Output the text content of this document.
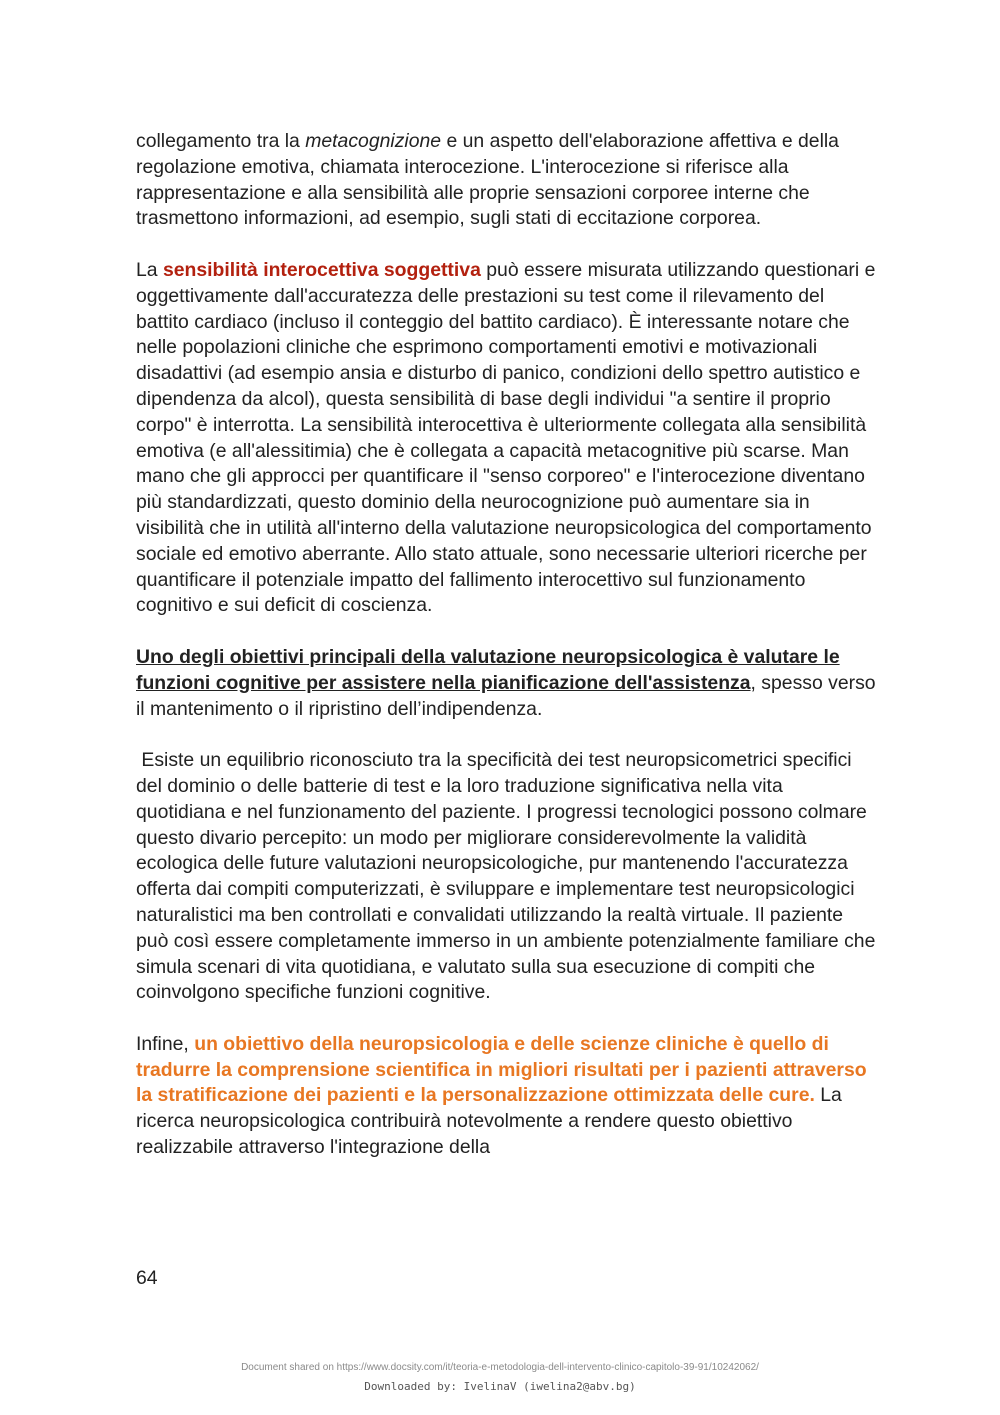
collegamento tra la metacognizione e un aspetto dell'elaborazione affettiva e della regolazione emotiva, chiamata interocezione. L'interocezione si riferisce alla rappresentazione e alla sensibilità alle proprie sensazioni corporee interne che trasmettono informazioni, ad esempio, sugli stati di eccitazione corporea.

La sensibilità interocettiva soggettiva può essere misurata utilizzando questionari e oggettivamente dall'accuratezza delle prestazioni su test come il rilevamento del battito cardiaco (incluso il conteggio del battito cardiaco). È interessante notare che nelle popolazioni cliniche che esprimono comportamenti emotivi e motivazionali disadattivi (ad esempio ansia e disturbo di panico, condizioni dello spettro autistico e dipendenza da alcol), questa sensibilità di base degli individui "a sentire il proprio corpo" è interrotta. La sensibilità interocettiva è ulteriormente collegata alla sensibilità emotiva (e all'alessitimia) che è collegata a capacità metacognitive più scarse. Man mano che gli approcci per quantificare il "senso corporeo" e l'interocezione diventano più standardizzati, questo dominio della neurocognizione può aumentare sia in visibilità che in utilità all'interno della valutazione neuropsicologica del comportamento sociale ed emotivo aberrante. Allo stato attuale, sono necessarie ulteriori ricerche per quantificare il potenziale impatto del fallimento interocettivo sul funzionamento cognitivo e sui deficit di coscienza.

Uno degli obiettivi principali della valutazione neuropsicologica è valutare le funzioni cognitive per assistere nella pianificazione dell'assistenza, spesso verso il mantenimento o il ripristino dell’indipendenza.

Esiste un equilibrio riconosciuto tra la specificità dei test neuropsicometrici specifici del dominio o delle batterie di test e la loro traduzione significativa nella vita quotidiana e nel funzionamento del paziente. I progressi tecnologici possono colmare questo divario percepito: un modo per migliorare considerevolmente la validità ecologica delle future valutazioni neuropsicologiche, pur mantenendo l'accuratezza offerta dai compiti computerizzati, è sviluppare e implementare test neuropsicologici naturalistici ma ben controllati e convalidati utilizzando la realtà virtuale. Il paziente può così essere completamente immerso in un ambiente potenzialmente familiare che simula scenari di vita quotidiana, e valutato sulla sua esecuzione di compiti che coinvolgono specifiche funzioni cognitive.

Infine, un obiettivo della neuropsicologia e delle scienze cliniche è quello di tradurre la comprensione scientifica in migliori risultati per i pazienti attraverso la stratificazione dei pazienti e la personalizzazione ottimizzata delle cure. La ricerca neuropsicologica contribuirà notevolmente a rendere questo obiettivo realizzabile attraverso l'integrazione della

64
Document shared on https://www.docsity.com/it/teoria-e-metodologia-dell-intervento-clinico-capitolo-39-91/10242062/
Downloaded by: IvelinaV (iwelina2@abv.bg)
